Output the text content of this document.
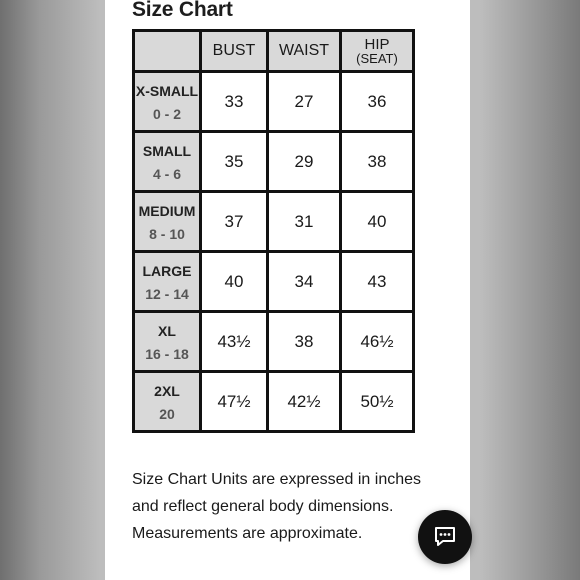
Size Chart
	BUST	WAIST	HIP
(SEAT)

X-SMALL
0 - 2	33	27	36

SMALL
4 - 6	35	29	38

MEDIUM
8 - 10	37	31	40

LARGE
12 - 14	40	34	43

XL
16 - 18	43½	38	46½

2XL
20	47½	42½	50½
Size Chart Units are expressed in inches and reflect general body dimensions. Measurements are approximate.
